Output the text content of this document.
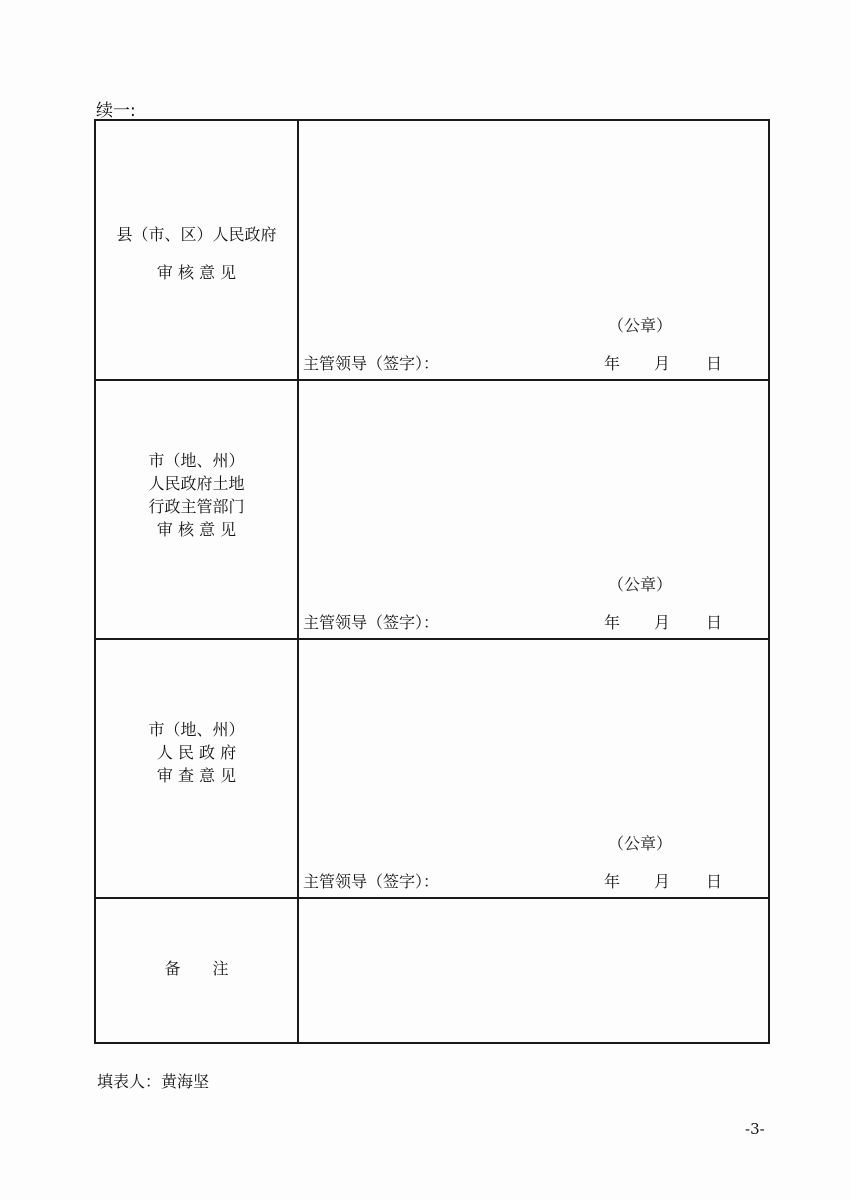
续一:
县（市、区）人民政府
审 核 意 见
（公章）
主管领导（签字）：	年 月 日
市（地、州）
人民政府土地
行政主管部门
审 核 意 见
（公章）
主管领导（签字）：	年 月 日
市（地、州）
人 民 政 府
审 查 意 见
（公章）
主管领导（签字）：	年 月 日
备　　注
填表人：黄海坚
-3-
